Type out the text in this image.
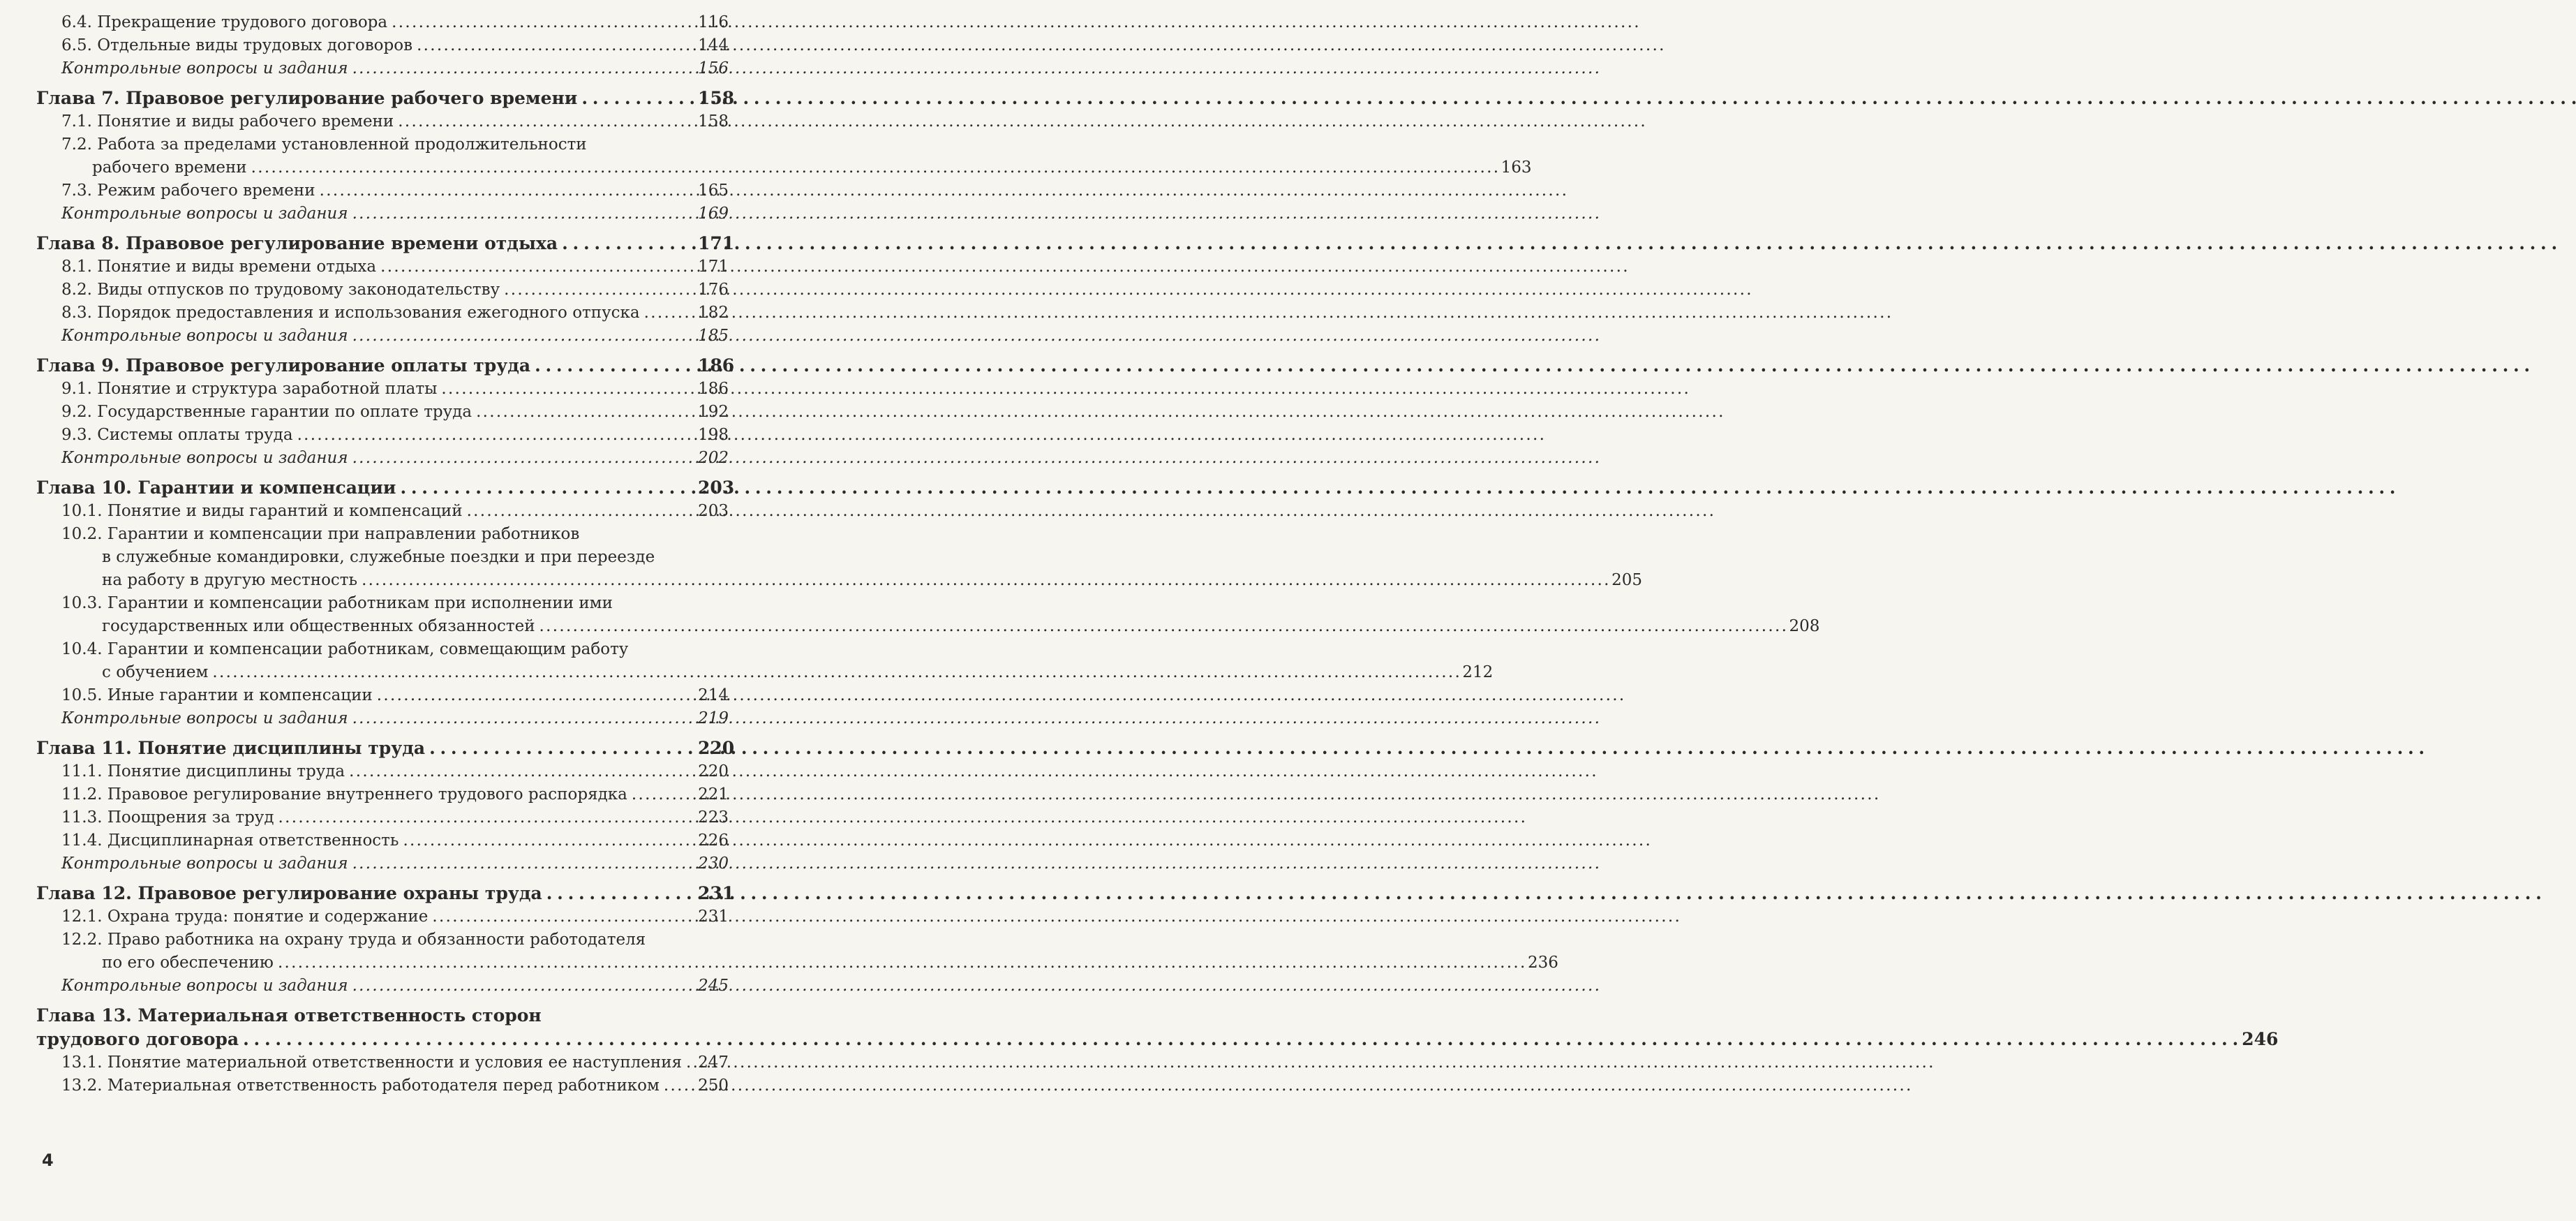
6.4. Прекращение трудового договора . . .	116
6.5. Отдельные виды трудовых договоров . . .	144
Контрольные вопросы и задания . . .	156
Глава 7. Правовое регулирование рабочего времени . . .	158
7.1. Понятие и виды рабочего времени . . .	158
7.2. Работа за пределами установленной продолжительности
рабочего времени . . .	163
7.3. Режим рабочего времени . . .	165
Контрольные вопросы и задания . . .	169
Глава 8. Правовое регулирование времени отдыха . . .	171
8.1. Понятие и виды времени отдыха . . .	171
8.2. Виды отпусков по трудовому законодательству . . .	176
8.3. Порядок предоставления и использования ежегодного отпуска . . .	182
Контрольные вопросы и задания . . .	185
Глава 9. Правовое регулирование оплаты труда . . .	186
9.1. Понятие и структура заработной платы . . .	186
9.2. Государственные гарантии по оплате труда . . .	192
9.3. Системы оплаты труда . . .	198
Контрольные вопросы и задания . . .	202
Глава 10. Гарантии и компенсации . . .	203
10.1. Понятие и виды гарантий и компенсаций . . .	203
10.2. Гарантии и компенсации при направлении работников
в служебные командировки, служебные поездки и при переезде
на работу в другую местность . . .	205
10.3. Гарантии и компенсации работникам при исполнении ими
государственных или общественных обязанностей . . .	208
10.4. Гарантии и компенсации работникам, совмещающим работу
с обучением . . .	212
10.5. Иные гарантии и компенсации . . .	214
Контрольные вопросы и задания . . .	219
Глава 11. Понятие дисциплины труда . . .	220
11.1. Понятие дисциплины труда . . .	220
11.2. Правовое регулирование внутреннего трудового распорядка . . .	221
11.3. Поощрения за труд . . .	223
11.4. Дисциплинарная ответственность . . .	226
Контрольные вопросы и задания . . .	230
Глава 12. Правовое регулирование охраны труда . . .	231
12.1. Охрана труда: понятие и содержание . . .	231
12.2. Право работника на охрану труда и обязанности работодателя
по его обеспечению . . .	236
Контрольные вопросы и задания . . .	245
Глава 13. Материальная ответственность сторон
трудового договора . . .	246
13.1. Понятие материальной ответственности и условия ее наступления . . . 247
13.2. Материальная ответственность работодателя перед работником . . . 250
4
